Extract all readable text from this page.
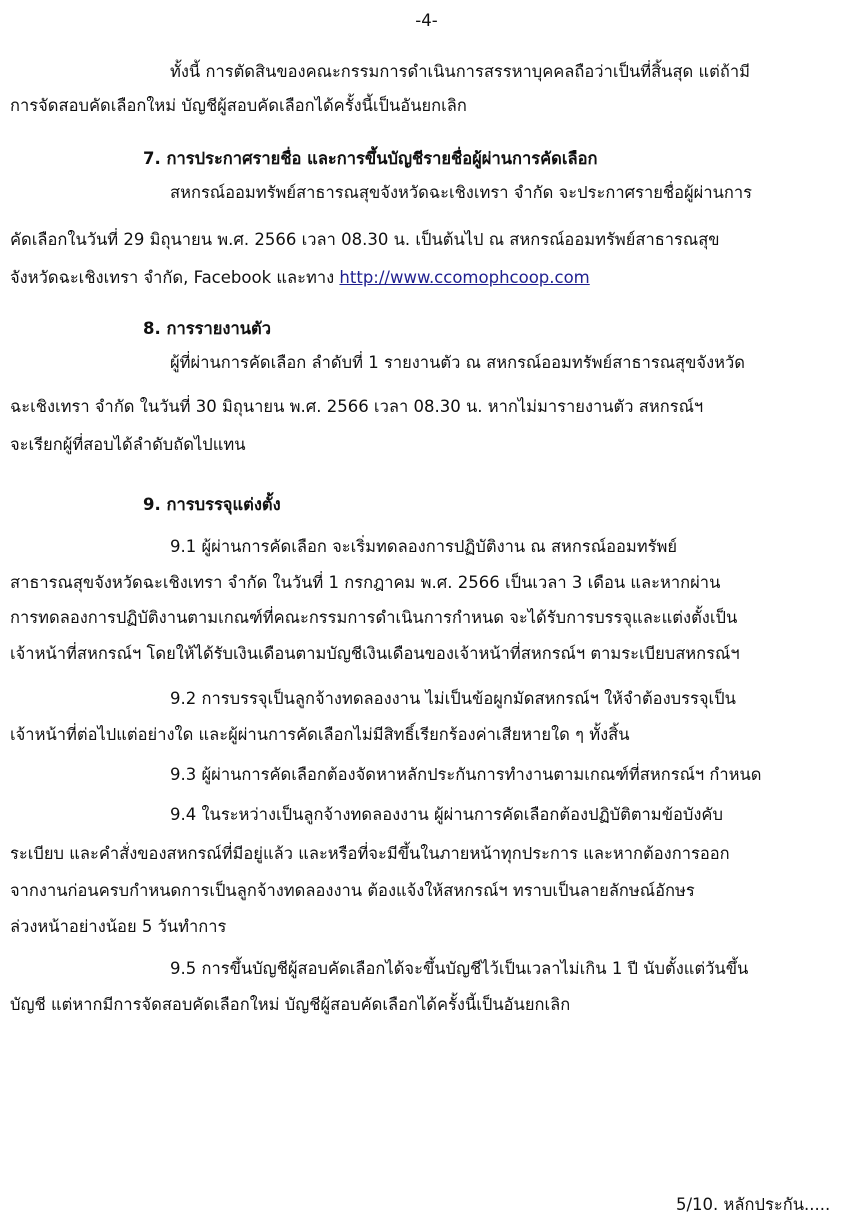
-4-
ทั้งนี้ การตัดสินของคณะกรรมการดำเนินการสรรหาบุคคลถือว่าเป็นที่สิ้นสุด แต่ถ้ามี
การจัดสอบคัดเลือกใหม่ บัญชีผู้สอบคัดเลือกได้ครั้งนี้เป็นอันยกเลิก
7. การประกาศรายชื่อ และการขึ้นบัญชีรายชื่อผู้ผ่านการคัดเลือก
สหกรณ์ออมทรัพย์สาธารณสุขจังหวัดฉะเชิงเทรา จำกัด จะประกาศรายชื่อผู้ผ่านการ
คัดเลือกในวันที่ 29 มิถุนายน พ.ศ. 2566 เวลา 08.30 น. เป็นต้นไป ณ สหกรณ์ออมทรัพย์สาธารณสุข
จังหวัดฉะเชิงเทรา จำกัด, Facebook และทาง http://www.ccomophcoop.com
8. การรายงานตัว
ผู้ที่ผ่านการคัดเลือก ลำดับที่ 1 รายงานตัว ณ สหกรณ์ออมทรัพย์สาธารณสุขจังหวัด
ฉะเชิงเทรา จำกัด ในวันที่ 30 มิถุนายน พ.ศ. 2566 เวลา 08.30 น. หากไม่มารายงานตัว สหกรณ์ฯ
จะเรียกผู้ที่สอบได้ลำดับถัดไปแทน
9. การบรรจุแต่งตั้ง
9.1 ผู้ผ่านการคัดเลือก จะเริ่มทดลองการปฏิบัติงาน ณ สหกรณ์ออมทรัพย์
สาธารณสุขจังหวัดฉะเชิงเทรา จำกัด ในวันที่ 1 กรกฎาคม พ.ศ. 2566 เป็นเวลา 3 เดือน และหากผ่าน
การทดลองการปฏิบัติงานตามเกณฑ์ที่คณะกรรมการดำเนินการกำหนด จะได้รับการบรรจุและแต่งตั้งเป็น
เจ้าหน้าที่สหกรณ์ฯ โดยให้ได้รับเงินเดือนตามบัญชีเงินเดือนของเจ้าหน้าที่สหกรณ์ฯ ตามระเบียบสหกรณ์ฯ
9.2 การบรรจุเป็นลูกจ้างทดลองงาน ไม่เป็นข้อผูกมัดสหกรณ์ฯ ให้จำต้องบรรจุเป็น
เจ้าหน้าที่ต่อไปแต่อย่างใด และผู้ผ่านการคัดเลือกไม่มีสิทธิ์เรียกร้องค่าเสียหายใด ๆ ทั้งสิ้น
9.3 ผู้ผ่านการคัดเลือกต้องจัดหาหลักประกันการทำงานตามเกณฑ์ที่สหกรณ์ฯ กำหนด
9.4 ในระหว่างเป็นลูกจ้างทดลองงาน ผู้ผ่านการคัดเลือกต้องปฏิบัติตามข้อบังคับ
ระเบียบ และคำสั่งของสหกรณ์ที่มีอยู่แล้ว และหรือที่จะมีขึ้นในภายหน้าทุกประการ และหากต้องการออก
จากงานก่อนครบกำหนดการเป็นลูกจ้างทดลองงาน ต้องแจ้งให้สหกรณ์ฯ ทราบเป็นลายลักษณ์อักษร
ล่วงหน้าอย่างน้อย 5 วันทำการ
9.5 การขึ้นบัญชีผู้สอบคัดเลือกได้จะขึ้นบัญชีไว้เป็นเวลาไม่เกิน 1 ปี นับตั้งแต่วันขึ้น
บัญชี แต่หากมีการจัดสอบคัดเลือกใหม่ บัญชีผู้สอบคัดเลือกได้ครั้งนี้เป็นอันยกเลิก
5/10. หลักประกัน.....
